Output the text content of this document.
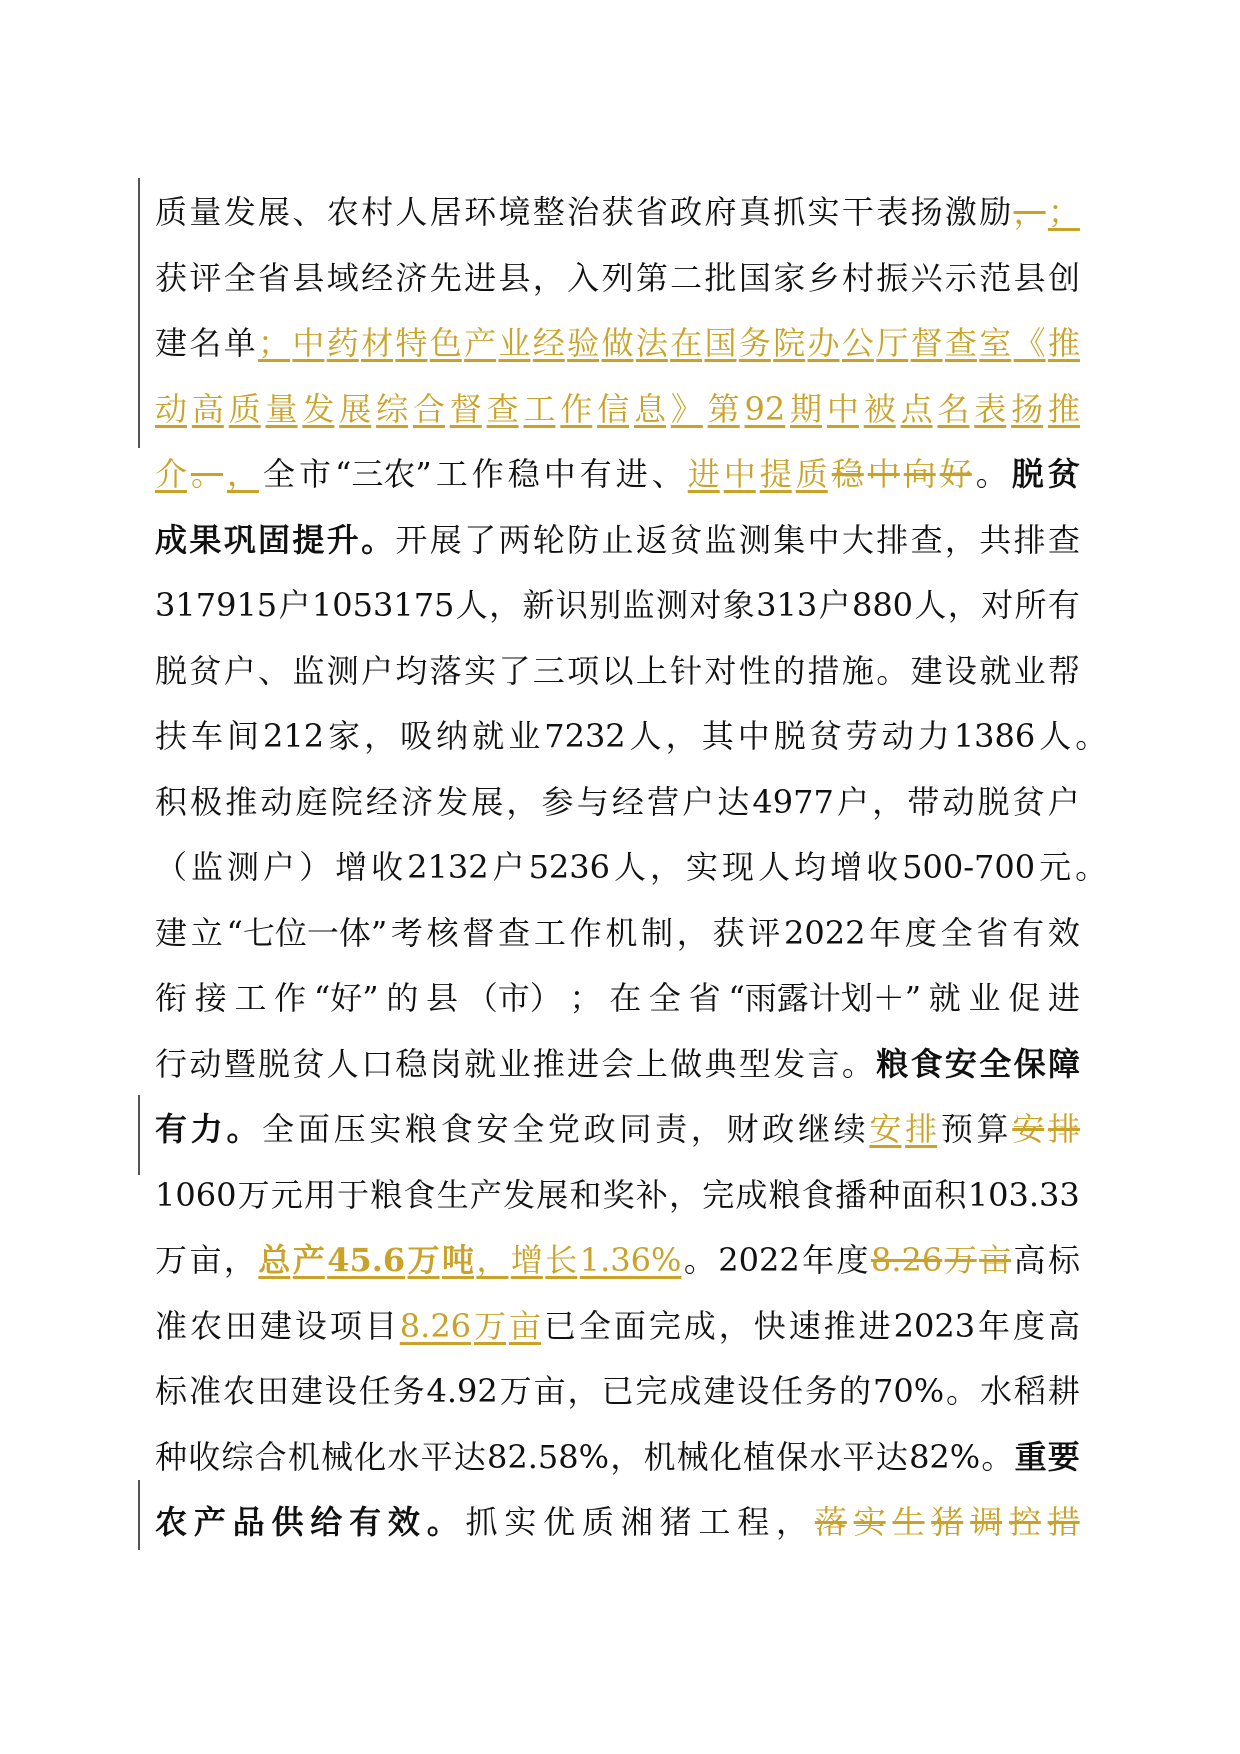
质 量 发 展 、 农 村 人 居 环 境 整 治 获 省 政 府 真 抓 实 干 表 扬 激 励 ， ；
获 评 全 省 县 域 经 济 先 进 县 ， 入 列 第 二 批 国 家 乡 村 振 兴 示 范 县 创
建 名 单 ； 中 药 材 特 色 产 业 经 验 做 法 在 国 务 院 办 公 厅 督 查 室 《 推
动 高 质 量 发 展 综 合 督 查 工 作 信 息 》 第 92 期 中 被 点 名 表 扬 推
介 。 ， 全 市 “三农” 工 作 稳 中 有 进 、 进 中 提 质 稳 中 向 好 。 脱 贫
成 果 巩 固 提 升 。 开 展 了 两 轮 防 止 返 贫 监 测 集 中 大 排 查 ， 共 排 查
317915 户 1053175 人 ， 新 识 别 监 测 对 象 313 户 880 人 ， 对 所 有
脱 贫 户 、 监 测 户 均 落 实 了 三 项 以 上 针 对 性 的 措 施 。 建 设 就 业 帮
扶 车 间 212 家 ， 吸 纳 就 业 7232 人 ， 其 中 脱 贫 劳 动 力 1386 人 。
积 极 推 动 庭 院 经 济 发 展 ， 参 与 经 营 户 达 4977 户 ， 带 动 脱 贫 户
（ 监 测 户 ） 增 收 2132 户 5236 人 ， 实 现 人 均 增 收 500-700 元 。
建 立 “七位一体” 考 核 督 查 工 作 机 制 ， 获 评 2022 年 度 全 省 有 效
衔 接 工 作 “好” 的 县 （市） ； 在 全 省 “雨露计划＋” 就 业 促 进
行 动 暨 脱 贫 人 口 稳 岗 就 业 推 进 会 上 做 典 型 发 言 。 粮 食 安 全 保 障
有 力 。 全 面 压 实 粮 食 安 全 党 政 同 责 ， 财 政 继 续 安 排 预 算 安 排
1060 万 元 用 于 粮 食 生 产 发 展 和 奖 补 ， 完 成 粮 食 播 种 面 积 103.33
万 亩 ， 总 产 45.6 万 吨 ， 增 长 1.36% 。 2022 年 度 8.26 万 亩 高 标
准 农 田 建 设 项 目 8.26 万 亩 已 全 面 完 成 ， 快 速 推 进 2023 年 度 高
标 准 农 田 建 设 任 务 4.92 万 亩 ， 已 完 成 建 设 任 务 的 70% 。 水 稻 耕
种 收 综 合 机 械 化 水 平 达 82.58% ， 机 械 化 植 保 水 平 达 82% 。 重 要
农 产 品 供 给 有 效 。 抓 实 优 质 湘 猪 工 程 ， 落 实 生 猪 调 控 措
